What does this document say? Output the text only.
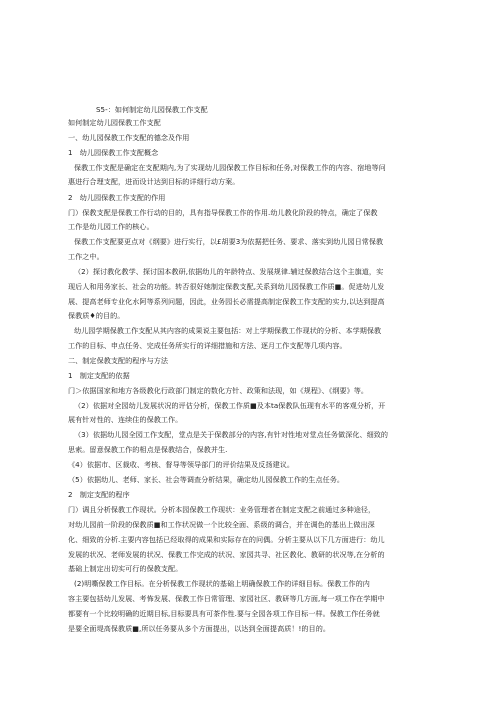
S5-：如何制定幼儿园保教工作支配
如何制定幼儿园保教工作支配
一、幼儿园保教工作支配的德念及作用
1　幼儿园保教工作支配概念
保教工作支配是确定在支配期内,为了实现幼儿园保教工作目标和任务,对保教工作的内容、宿地等问
惠进行合理支配，进而设计达到目标的详细行动方案。
2　幼儿园保教工作支配的作用
门）保教支配是保教工作行动的目的，具有指导保教工作的作用.幼儿教化阶段的特点，确定了保教
工作是幼儿园工作的核心。
保教工作支配要更点对《纲要》进行实行，以£胡要3为依据把任务、要求、落实到幼儿园日常保教
工作之中。
（2）探讨教化教学、探讨国本教研,依据幼儿的年龄特点、发展规律.辅过保教结合这个主旗道，实
现后人和用务家长、社会的功能。转否很好她制定保教支配,关系到幼儿园保教工作质■。促进幼儿发
展、提高老师专业化水阿等系列问题，因此，业务园长必需提高制定保教工作支配的实力,以达到提高
保教质♦的目的。
幼儿园学期保教工作支配从其内容的成果说主要包括：对上学期保教工作现状的分析、本学期保教
工作的目标、申点任务、完成任务所实行的详细措施和方法、逐月工作支配等几项内容。
二、制定保教支配的程序与方法
1　制定支配的依据
门＞依据国家和地方各级教化行政部门制定的数化方针、政策和法现，如《规程》、《纲要》等。
（2）依据对全园幼儿发展状况的评估分析，保教工作质■及本ta保教队伍现有水平的客观分析，开
展有针对性的、连续住的保教工作。
（3）依据幼儿园全园工作支配，堂点是关于保教部分的内容,有针对性地对堂点任务做深化、细致的
思索。留意保教工作的相点是保教结合，保教并生.
《4）依据市、区裁收、考核、督导等领导部门的评价结果及反扬建议。
（5）依据幼儿、老师、家长、社会等调查分析结果，确定幼儿园保教工作的生点任务。
2　制定支配的程序
门）调且分析保教工作现状。分析本园保教工作现状：业务管理者在制定支配之前通过多种途径，
对幼儿园前一阶段的保教质■和工作状况做一个比较全面、系级的调合，并在调色的基出上做出深
化、细致的分析.主要内容包括已经取得的成果和实际存在的问偶。分析主要从以下几方面进行：幼儿
发展的状况、老师发展的状况、保教工作完成的状况、家园共寻、社区教化、教研的状况等,在分析的
基础上制定出切实可行的保教支配。
(2)明嘶保教工作目标。在分析保教工作现状的基础上明确保教工作的详细目标。保教工作的内
容主要包括幼儿发展、考怖发展、保教工作日常管理、家园社区、教研等几方面,每一项工作在学期中
都要有一个比较明确的近期目标,目标要具有可茶作性.要与全园各项工作目标一样。保教工作任务就
是要全面堤高保教质■,所以任务要从多个方面提出，以达到全面提高质！!的目的。
